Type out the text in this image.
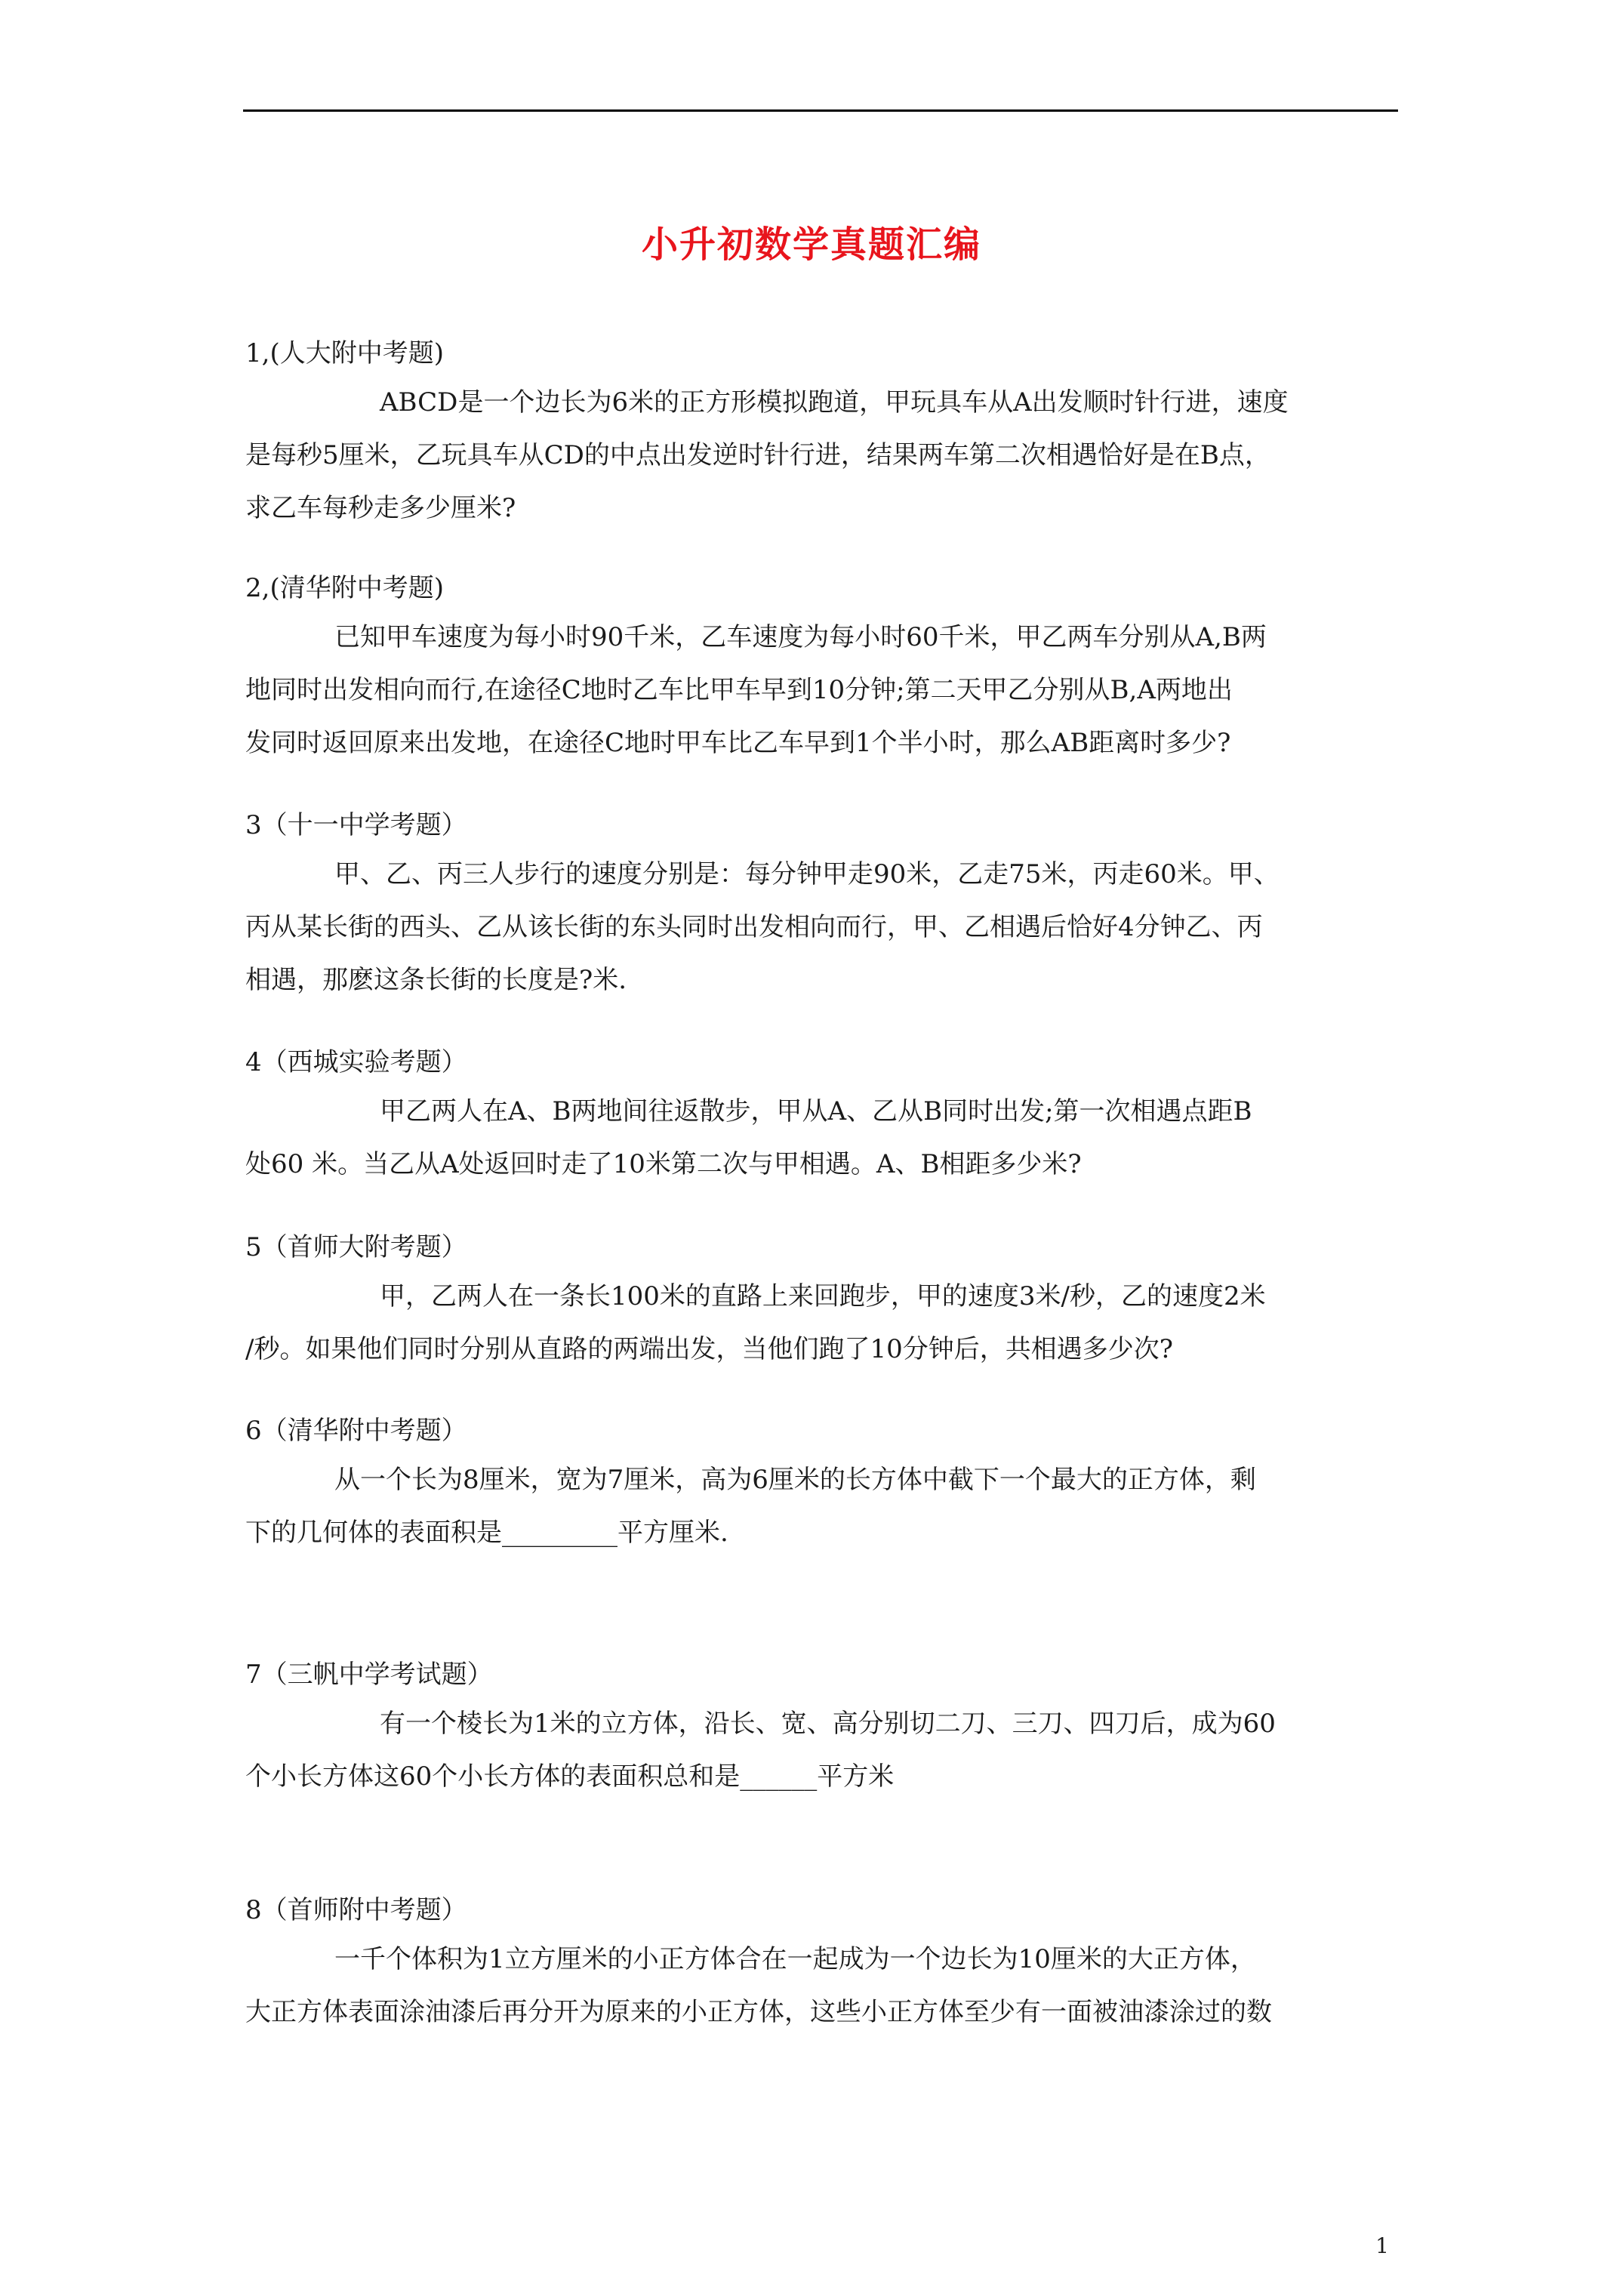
小升初数学真题汇编
1,(人大附中考题)
ABCD是一个边长为6米的正方形模拟跑道，甲玩具车从A出发顺时针行进，速度
是每秒5厘米，乙玩具车从CD的中点出发逆时针行进，结果两车第二次相遇恰好是在B点，
求乙车每秒走多少厘米?
2,(清华附中考题)
已知甲车速度为每小时90千米，乙车速度为每小时60千米，甲乙两车分别从A,B两
地同时出发相向而行,在途径C地时乙车比甲车早到10分钟;第二天甲乙分别从B,A两地出
发同时返回原来出发地，在途径C地时甲车比乙车早到1个半小时，那么AB距离时多少?
3（十一中学考题）
甲、乙、丙三人步行的速度分别是：每分钟甲走90米，乙走75米，丙走60米。甲、
丙从某长街的西头、乙从该长街的东头同时出发相向而行，甲、乙相遇后恰好4分钟乙、丙
相遇，那麽这条长街的长度是?米.
4（西城实验考题）
甲乙两人在A、B两地间往返散步，甲从A、乙从B同时出发;第一次相遇点距B
处60 米。当乙从A处返回时走了10米第二次与甲相遇。A、B相距多少米?
5（首师大附考题）
甲，乙两人在一条长100米的直路上来回跑步，甲的速度3米/秒，乙的速度2米
/秒。如果他们同时分别从直路的两端出发，当他们跑了10分钟后，共相遇多少次?
6（清华附中考题）
从一个长为8厘米，宽为7厘米，高为6厘米的长方体中截下一个最大的正方体，剩
下的几何体的表面积是_________平方厘米.
7（三帆中学考试题）
有一个棱长为1米的立方体，沿长、宽、高分别切二刀、三刀、四刀后，成为60
个小长方体这60个小长方体的表面积总和是______平方米
8（首师附中考题）
一千个体积为1立方厘米的小正方体合在一起成为一个边长为10厘米的大正方体，
大正方体表面涂油漆后再分开为原来的小正方体，这些小正方体至少有一面被油漆涂过的数
1
